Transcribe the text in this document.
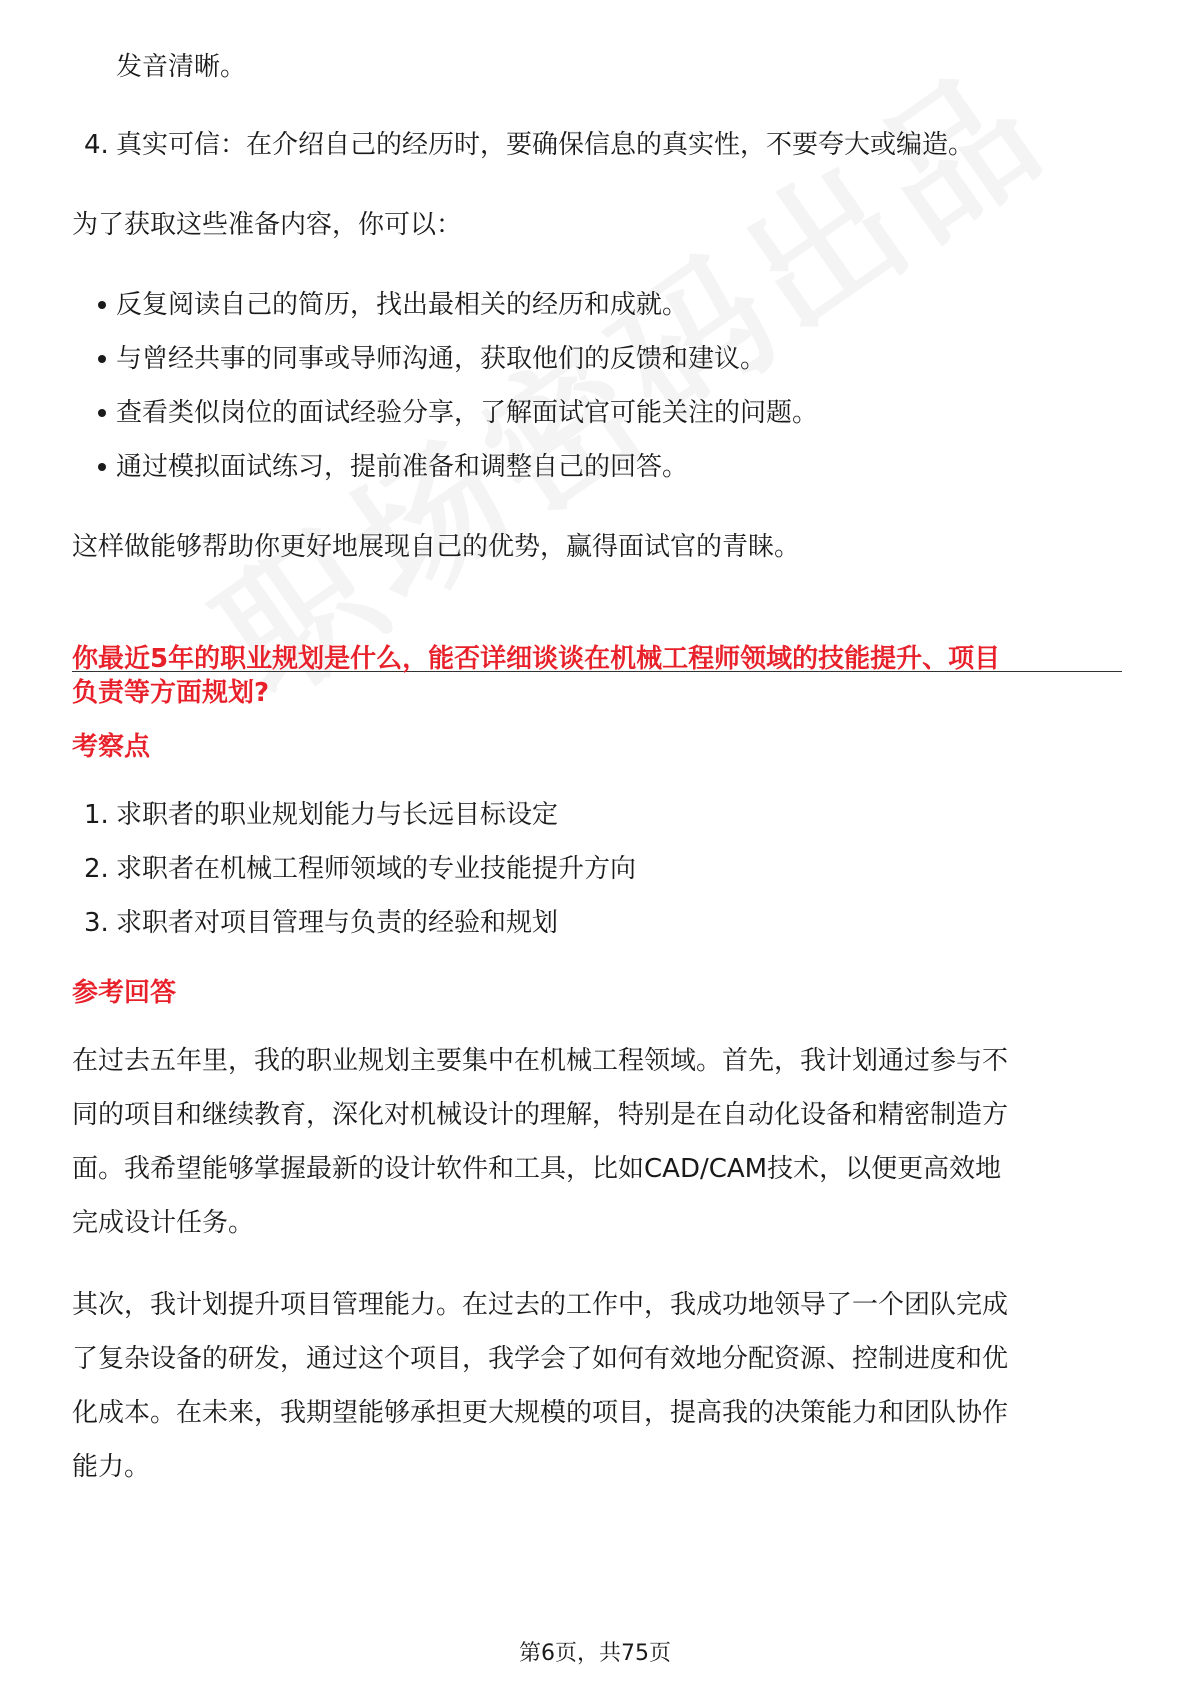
发音清晰。
4. 真实可信：在介绍自己的经历时，要确保信息的真实性，不要夸大或编造。
为了获取这些准备内容，你可以：
反复阅读自己的简历，找出最相关的经历和成就。
与曾经共事的同事或导师沟通，获取他们的反馈和建议。
查看类似岗位的面试经验分享，了解面试官可能关注的问题。
通过模拟面试练习，提前准备和调整自己的回答。
这样做能够帮助你更好地展现自己的优势，赢得面试官的青睐。
你最近5年的职业规划是什么，能否详细谈谈在机械工程师领域的技能提升、项目
负责等方面规划?
考察点
1. 求职者的职业规划能力与长远目标设定
2. 求职者在机械工程师领域的专业技能提升方向
3. 求职者对项目管理与负责的经验和规划
参考回答
在过去五年里，我的职业规划主要集中在机械工程领域。首先，我计划通过参与不
同的项目和继续教育，深化对机械设计的理解，特别是在自动化设备和精密制造方
面。我希望能够掌握最新的设计软件和工具，比如CAD/CAM技术，以便更高效地
完成设计任务。
其次，我计划提升项目管理能力。在过去的工作中，我成功地领导了一个团队完成
了复杂设备的研发，通过这个项目，我学会了如何有效地分配资源、控制进度和优
化成本。在未来，我期望能够承担更大规模的项目，提高我的决策能力和团队协作
能力。
第6页，共75页
